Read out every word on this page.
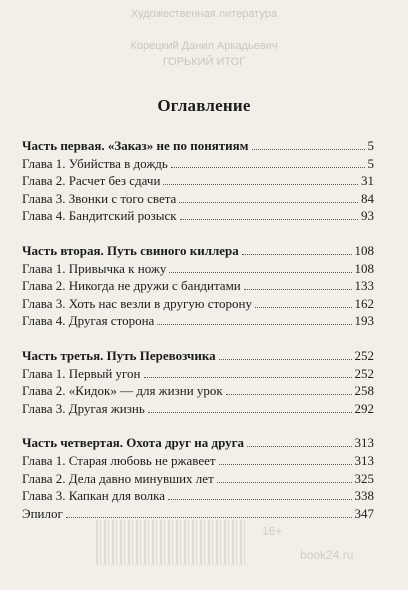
Художественная литература
Корецкий Данил Аркадьевич
ГОРЬКИЙ ИТОГ
book24.ru
16+
Оглавление
Часть первая. «Заказ» не по понятиям	5
Глава 1. Убийства в дождь	5
Глава 2. Расчет без сдачи	31
Глава 3. Звонки с того света	84
Глава 4. Бандитский розыск	93
Часть вторая. Путь свиного киллера	108
Глава 1. Привычка к ножу	108
Глава 2. Никогда не дружи с бандитами	133
Глава 3. Хоть нас везли в другую сторону	162
Глава 4. Другая сторона	193
Часть третья. Путь Перевозчика	252
Глава 1. Первый угон	252
Глава 2. «Кидок» — для жизни урок	258
Глава 3. Другая жизнь	292
Часть четвертая. Охота друг на друга	313
Глава 1. Старая любовь не ржавеет	313
Глава 2. Дела давно минувших лет	325
Глава 3. Капкан для волка	338
Эпилог	347
